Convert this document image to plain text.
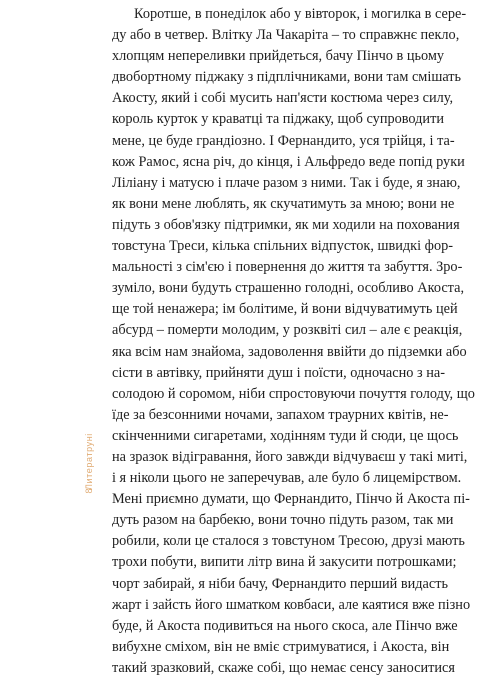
Коротше, в понеділок або у вівторок, і могилка в сере-
ду або в четвер. Влітку Ла Чакаріта – то справжнє пекло,
хлопцям непереливки прийдеться, бачу Пінчо в цьому
двобортному піджаку з підплічниками, вони там смішать
Акосту, який і собі мусить нап'ясти костюма через силу,
король курток у краватці та піджаку, щоб супроводити
мене, це буде грандіозно. І Фернандито, уся трійця, і та-
кож Рамос, ясна річ, до кінця, і Альфредо веде попід руки
Ліліану і матусю і плаче разом з ними. Так і буде, я знаю,
як вони мене люблять, як скучатимуть за мною; вони не
підуть з обов'язку підтримки, як ми ходили на похования
товстуна Треси, кілька спільних відпусток, швидкі фор-
мальності з сім'єю і повернення до життя та забуття. Зро-
зуміло, вони будуть страшенно голодні, особливо Акоста,
ще той ненажера; ім болітиме, й вони відчуватимуть цей
абсурд – померти молодим, у розквіті сил – але є реакція,
яка всім нам знайома, задоволення ввійти до підземки або
сісти в автівку, прийняти душ і поїсти, одночасно з на-
солодою й соромом, ніби спростовуючи почуття голоду, що
їде за безсонними ночами, запахом траурних квітів, не-
скінченними сигаретами, ходінням туди й сюди, це щось
на зразок відігравання, його завжди відчуваєш у такі миті,
і я ніколи цього не заперечував, але було б лицемірством.
Мені приємно думати, що Фернандито, Пінчо й Акоста пі-
дуть разом на барбекю, вони точно підуть разом, так ми
робили, коли це сталося з товстуном Тресою, друзі мають
трохи побути, випити літр вина й закусити потрошками;
чорт забирай, я ніби бачу, Фернандито перший видасть
жарт і зайсть його шматком ковбаси, але каятися вже пізно
буде, й Акоста подивиться на нього скоса, але Пінчо вже
вибухне сміхом, він не вміє стримуватися, і Акоста, він
такий зразковий, скаже собі, що немає сенсу заноситися
Литератруні
8
